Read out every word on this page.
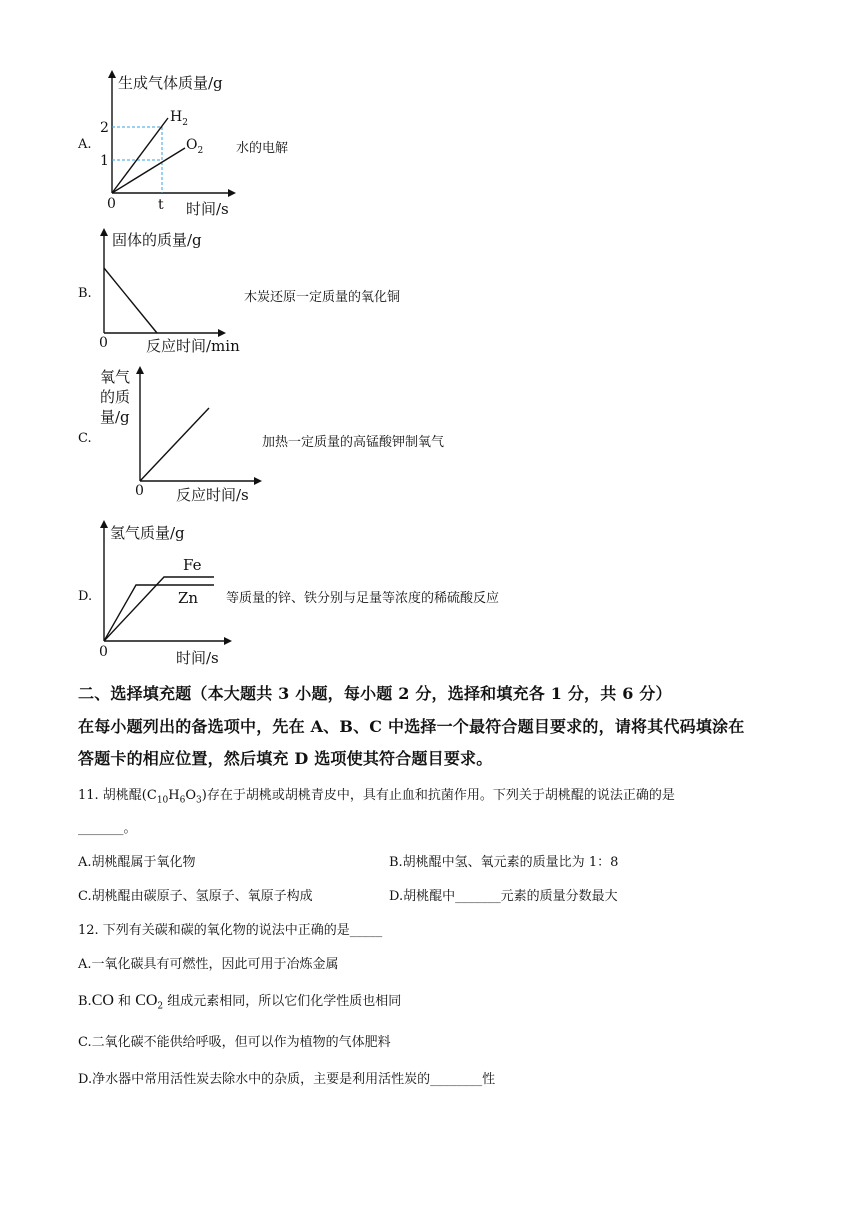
A.
生成气体质量/g
2
1
0	t 时间/s
$H_2$
$O_2$	水的电解
B.
固体的质量/g
0	反应时间/min
木炭还原一定质量的氧化铜
C.
氧气
的质
量/g
0 反应时间/s
加热一定质量的高锰酸钾制氧气
D.
氢气质量/g
Fe
Zn
0	时间/s
等质量的锌、铁分别与足量等浓度的稀硫酸反应
二、选择填充题（本大题共 3 小题，每小题 2 分，选择和填充各 1 分，共 6 分）
在每小题列出的备选项中，先在 A、B、C 中选择一个最符合题目要求的，请将其代码填涂在
答题卡的相应位置，然后填充 D 选项使其符合题目要求。
11. 胡桃醌$(C_{10}H_6O_3)$存在于胡桃或胡桃青皮中，具有止血和抗菌作用。下列关于胡桃醌的说法正确的是
_______。
A.胡桃醌属于氧化物	B.胡桃醌中氢、氧元素的质量比为 1：8
C.胡桃醌由碳原子、氢原子、氧原子构成	D.胡桃醌中_______元素的质量分数最大
12. 下列有关碳和碳的氧化物的说法中正确的是_____
A.一氧化碳具有可燃性，因此可用于冶炼金属
B.CO 和 $CO_2$ 组成元素相同，所以它们化学性质也相同
C.二氧化碳不能供给呼吸，但可以作为植物的气体肥料
D.净水器中常用活性炭去除水中的杂质，主要是利用活性炭的________性
